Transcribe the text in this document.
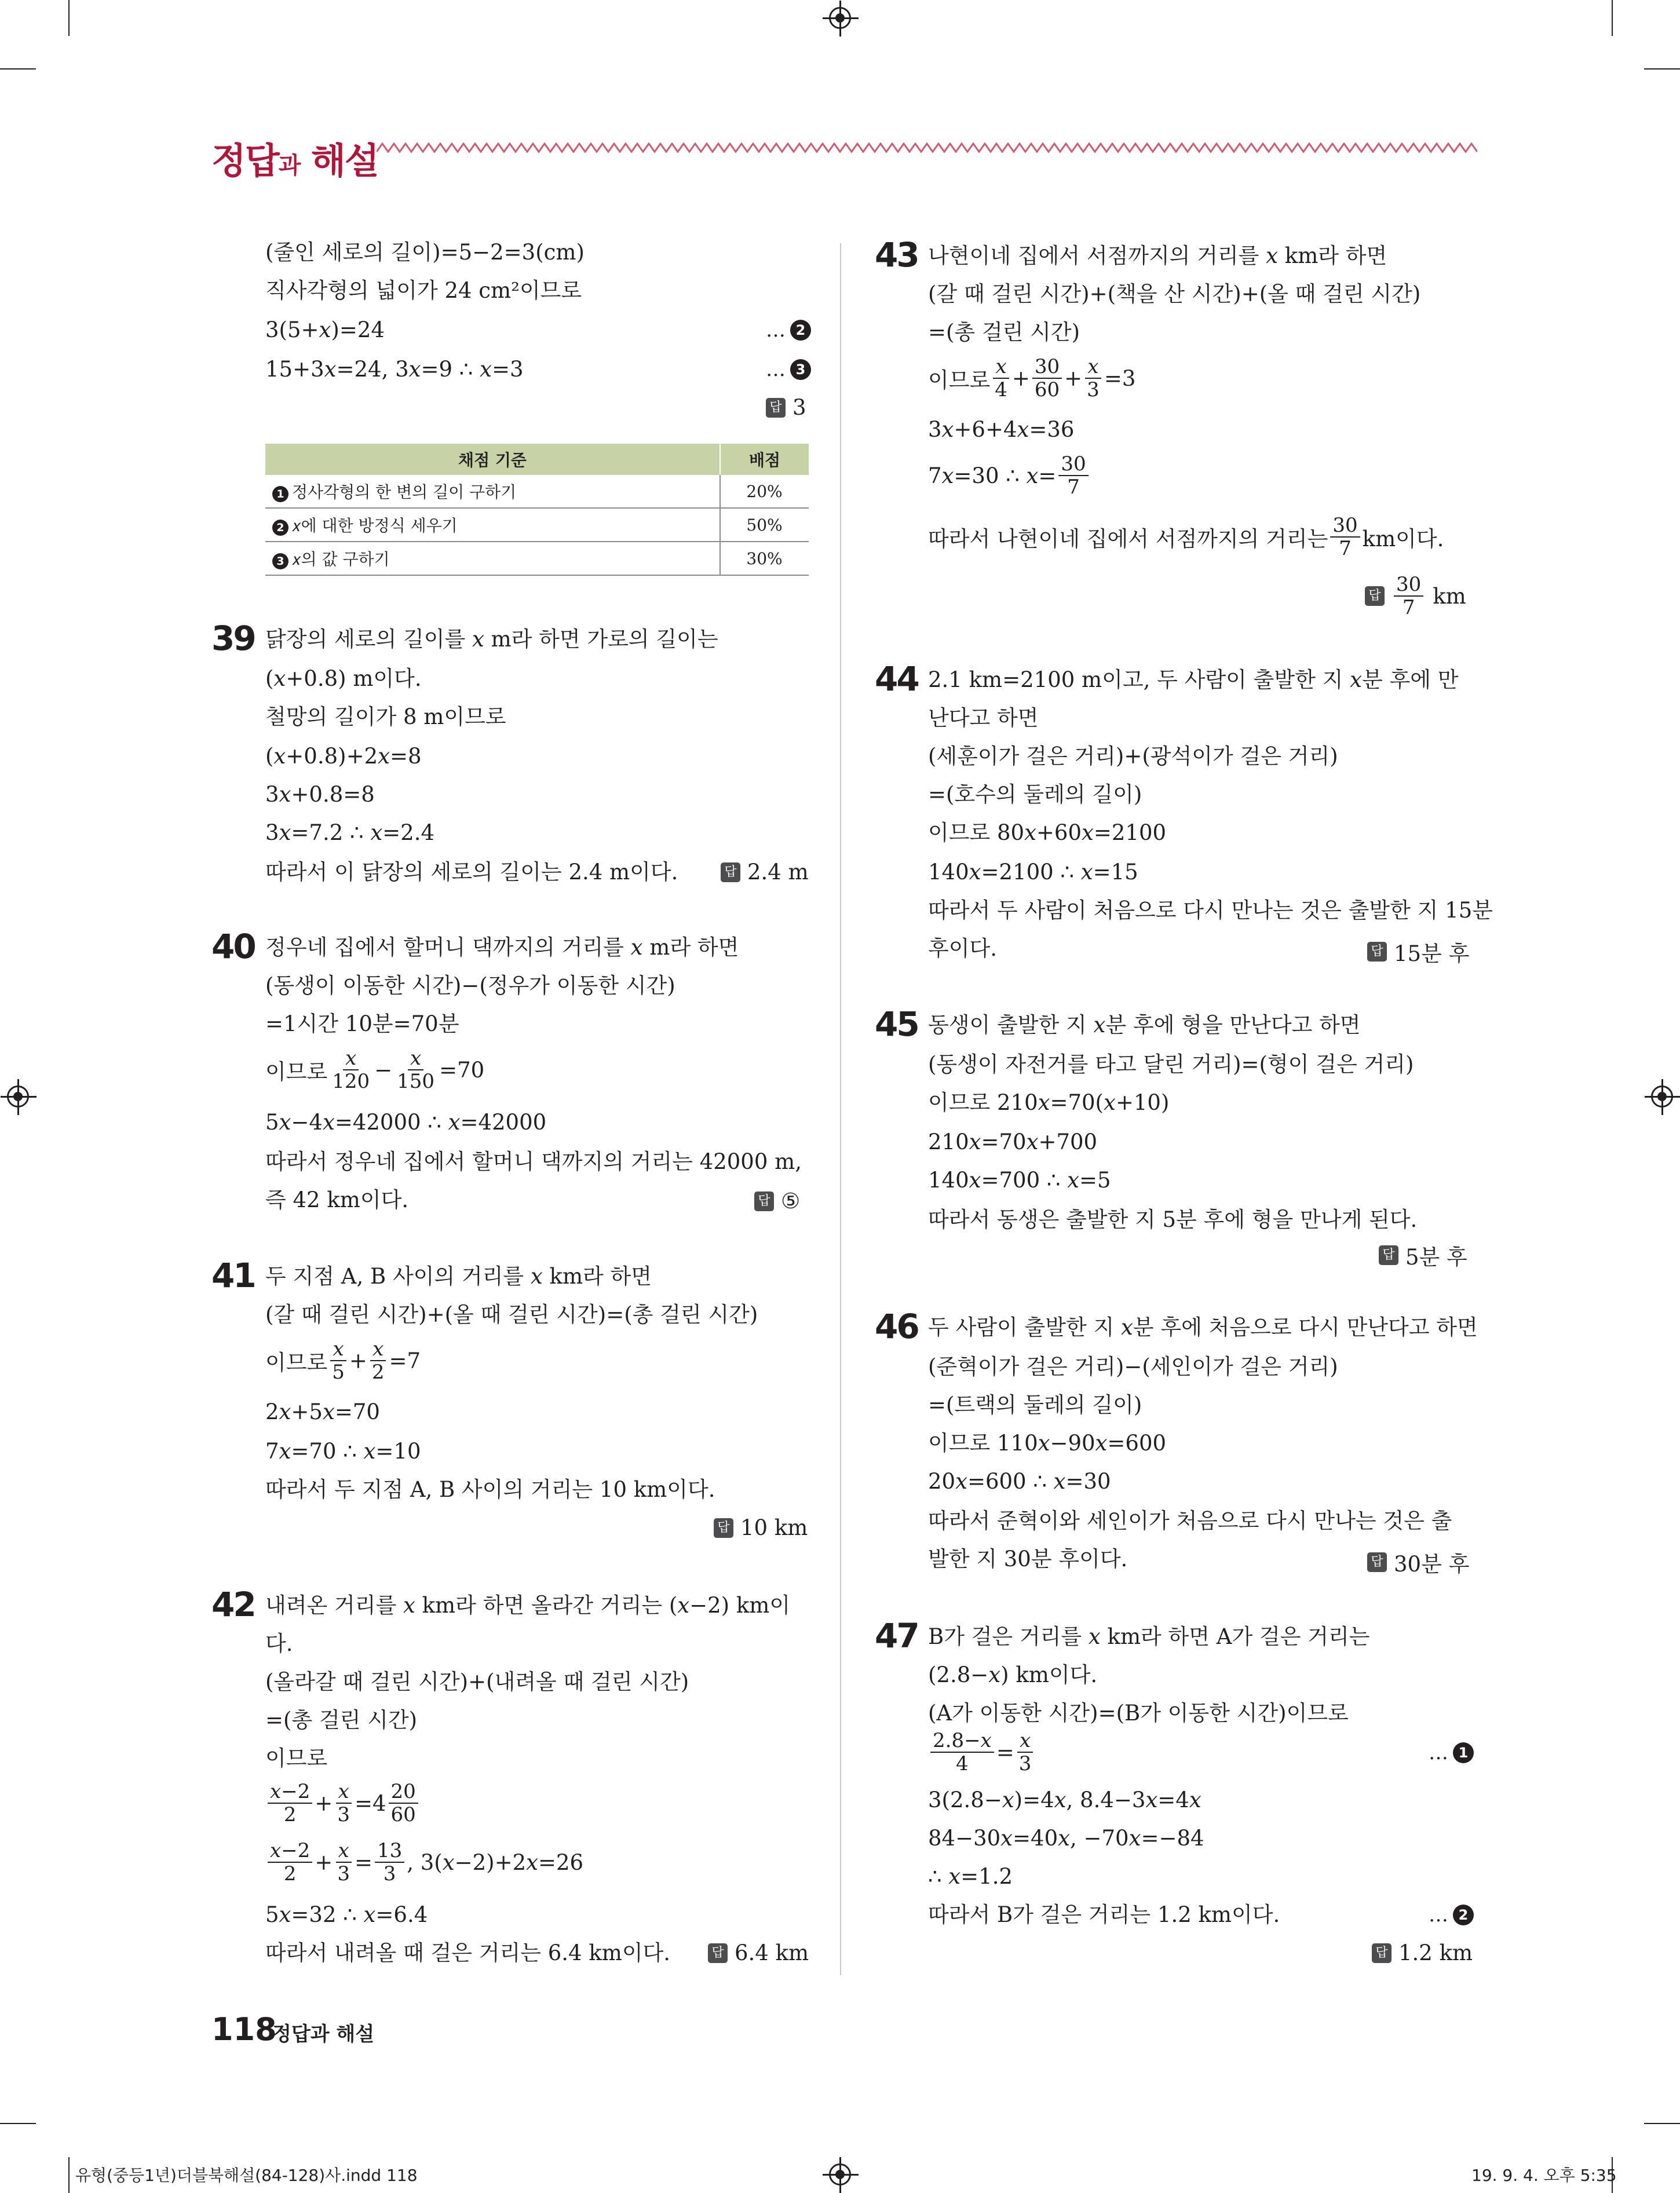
정답과 해설
(줄인 세로의 길이)=5−2=3(cm)
직사각형의 넓이가 24 cm²이므로
3(5+𝑥)=24	… 2
15+3𝑥=24, 3𝑥=9 ∴ 𝑥=3	… 3
답 3
채점 기준	배점
1 정사각형의 한 변의 길이 구하기	20%
2 𝑥에 대한 방정식 세우기	50%
3 𝑥의 값 구하기	30%
39 닭장의 세로의 길이를 𝑥 m라 하면 가로의 길이는
(𝑥+0.8) m이다.
철망의 길이가 8 m이므로
(𝑥+0.8)+2𝑥=8
3𝑥+0.8=8
3𝑥=7.2 ∴ 𝑥=2.4
따라서 이 닭장의 세로의 길이는 2.4 m이다.	답 2.4 m
40 정우네 집에서 할머니 댁까지의 거리를 𝑥 m라 하면
(동생이 이동한 시간)−(정우가 이동한 시간)
=1시간 10분=70분
이므로 $\frac{\text{𝑥}}{120} - \frac{\text{𝑥}}{150} =70$
5𝑥−4𝑥=42000 ∴ 𝑥=42000
따라서 정우네 집에서 할머니 댁까지의 거리는 42000 m,
즉 42 km이다.	답 ⑤
41 두 지점 A, B 사이의 거리를 𝑥 km라 하면
(갈 때 걸린 시간)+(올 때 걸린 시간)=(총 걸린 시간)
이므로 $\frac{\text{𝑥}}{5} + \frac{\text{𝑥}}{2} =7$
2𝑥+5𝑥=70
7𝑥=70 ∴ 𝑥=10
따라서 두 지점 A, B 사이의 거리는 10 km이다.
답 10 km
42 내려온 거리를 𝑥 km라 하면 올라간 거리는 (𝑥−2) km이
다.
(올라갈 때 걸린 시간)+(내려올 때 걸린 시간)
=(총 걸린 시간)
이므로
$\frac{\text{𝑥−2}}{2} + \frac{\text{𝑥}}{3} =4 \frac{20}{60}$
$\frac{\text{𝑥−2}}{2} + \frac{\text{𝑥}}{3} = \frac{13}{3}$ , 3(𝑥−2)+2𝑥=26
5𝑥=32 ∴ 𝑥=6.4
따라서 내려올 때 걸은 거리는 6.4 km이다.	답 6.4 km
43 나현이네 집에서 서점까지의 거리를 𝑥 km라 하면
(갈 때 걸린 시간)+(책을 산 시간)+(올 때 걸린 시간)
=(총 걸린 시간)
이므로 $\frac{\text{𝑥}}{4} + \frac{30}{60} + \frac{\text{𝑥}}{3} =3$
3𝑥+6+4𝑥=36
7𝑥=30 ∴ 𝑥= $\frac{30}{7}$
따라서 나현이네 집에서 서점까지의 거리는 $\frac{30}{7}$ km이다.
답 $\frac{30}{7}$ km
44 2.1 km=2100 m이고, 두 사람이 출발한 지 𝑥분 후에 만
난다고 하면
(세훈이가 걸은 거리)+(광석이가 걸은 거리)
=(호수의 둘레의 길이)
이므로 80𝑥+60𝑥=2100
140𝑥=2100 ∴ 𝑥=15
따라서 두 사람이 처음으로 다시 만나는 것은 출발한 지 15분
후이다.	답 15분 후
45 동생이 출발한 지 𝑥분 후에 형을 만난다고 하면
(동생이 자전거를 타고 달린 거리)=(형이 걸은 거리)
이므로 210𝑥=70(𝑥+10)
210𝑥=70𝑥+700
140𝑥=700 ∴ 𝑥=5
따라서 동생은 출발한 지 5분 후에 형을 만나게 된다.
답 5분 후
46 두 사람이 출발한 지 𝑥분 후에 처음으로 다시 만난다고 하면
(준혁이가 걸은 거리)−(세인이가 걸은 거리)
=(트랙의 둘레의 길이)
이므로 110𝑥−90𝑥=600
20𝑥=600 ∴ 𝑥=30
따라서 준혁이와 세인이가 처음으로 다시 만나는 것은 출
발한 지 30분 후이다.	답 30분 후
47 B가 걸은 거리를 𝑥 km라 하면 A가 걸은 거리는
(2.8−𝑥) km이다.
(A가 이동한 시간)=(B가 이동한 시간)이므로
$\frac{\text{2.8−𝑥}}{4} = \frac{\text{𝑥}}{3}$	… 1
3(2.8−𝑥)=4𝑥, 8.4−3𝑥=4𝑥
84−30𝑥=40𝑥, −70𝑥=−84
∴ 𝑥=1.2
따라서 B가 걸은 거리는 1.2 km이다.	… 2
답 1.2 km
118
정답과 해설
유형(중등1년)더블북해설(84-128)사.indd 118	19. 9. 4. 오후 5:35
